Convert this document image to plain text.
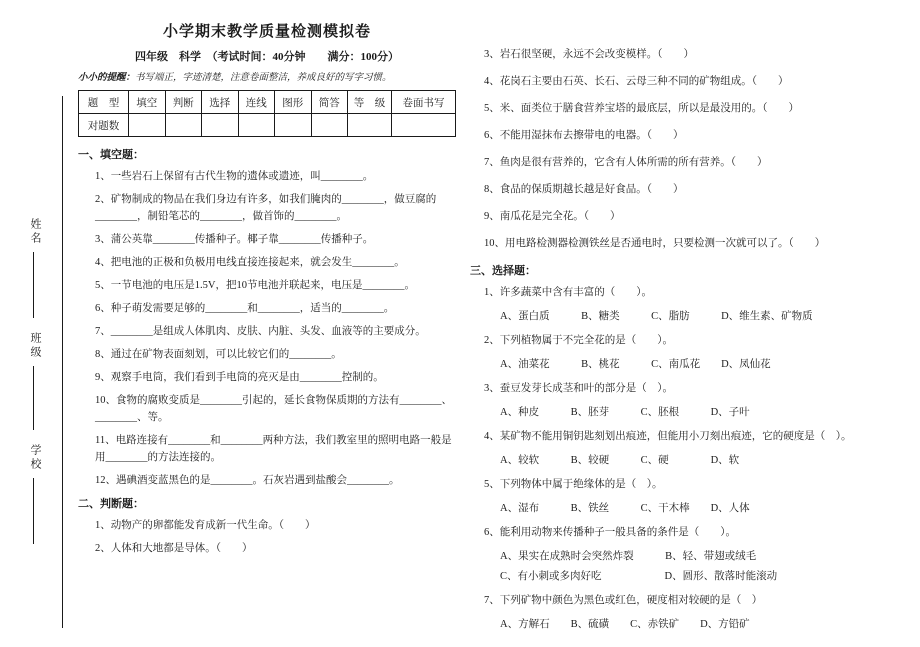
姓名
班级
学校
小学期末教学质量检测模拟卷
四年级　科学　（考试时间：40分钟　　满分：100分）
小小的提醒：书写端正，字迹清楚，注意卷面整洁，养成良好的写字习惯。
题　型	填空	判断	选择	连线	图形	简答	等　级	卷面书写
对题数								
一、填空题：
1、一些岩石上保留有古代生物的遗体或遗迹，叫________。
2、矿物制成的物品在我们身边有许多，如我们腌肉的________，做豆腐的________，制铅笔芯的________，做首饰的________。
3、蒲公英靠________传播种子。椰子靠________传播种子。
4、把电池的正极和负极用电线直接连接起来，就会发生________。
5、一节电池的电压是1.5V，把10节电池并联起来，电压是________。
6、种子萌发需要足够的________和________，适当的________。
7、________是组成人体肌肉、皮肤、内脏、头发、血液等的主要成分。
8、通过在矿物表面刻划，可以比较它们的________。
9、观察手电筒，我们看到手电筒的亮灭是由________控制的。
10、食物的腐败变质是________引起的，延长食物保质期的方法有________、________、等。
11、电路连接有________和________两种方法，我们教室里的照明电路一般是用________的方法连接的。
12、遇碘酒变蓝黑色的是________。石灰岩遇到盐酸会________。
二、判断题：
1、动物产的卵都能发育成新一代生命。（　　）
2、人体和大地都是导体。（　　）
3、岩石很坚硬，永远不会改变模样。（　　）
4、花岗石主要由石英、长石、云母三种不同的矿物组成。（　　）
5、米、面类位于膳食营养宝塔的最底层，所以是最没用的。（　　）
6、不能用湿抹布去擦带电的电器。（　　）
7、鱼肉是很有营养的，它含有人体所需的所有营养。（　　）
8、食品的保质期越长越是好食品。（　　）
9、南瓜花是完全花。（　　）
10、用电路检测器检测铁丝是否通电时，只要检测一次就可以了。（　　）
三、选择题：
1、许多蔬菜中含有丰富的（　　）。
A、蛋白质　　　B、糖类　　　C、脂肪　　　D、维生素、矿物质
2、下列植物属于不完全花的是（　　）。
A、油菜花　　　B、桃花　　　C、南瓜花　　D、凤仙花
3、蚕豆发芽长成茎和叶的部分是（　）。
A、种皮　　　B、胚芽　　　C、胚根　　　D、子叶
4、某矿物不能用铜钥匙刻划出痕迹，但能用小刀刻出痕迹，它的硬度是（　）。
A、较软　　　B、较硬　　　C、硬　　　　D、软
5、下列物体中属于绝缘体的是（　）。
A、湿布　　　B、铁丝　　　C、干木棒　　D、人体
6、能利用动物来传播种子一般具备的条件是（　　）。
A、果实在成熟时会突然炸裂　　　B、轻、带翅或绒毛
C、有小刺或多肉好吃　　　　　　D、圆形、散落时能滚动
7、下列矿物中颜色为黑色或红色，硬度相对较硬的是（　）
A、方解石　　B、硫磺　　C、赤铁矿　　D、方铅矿
